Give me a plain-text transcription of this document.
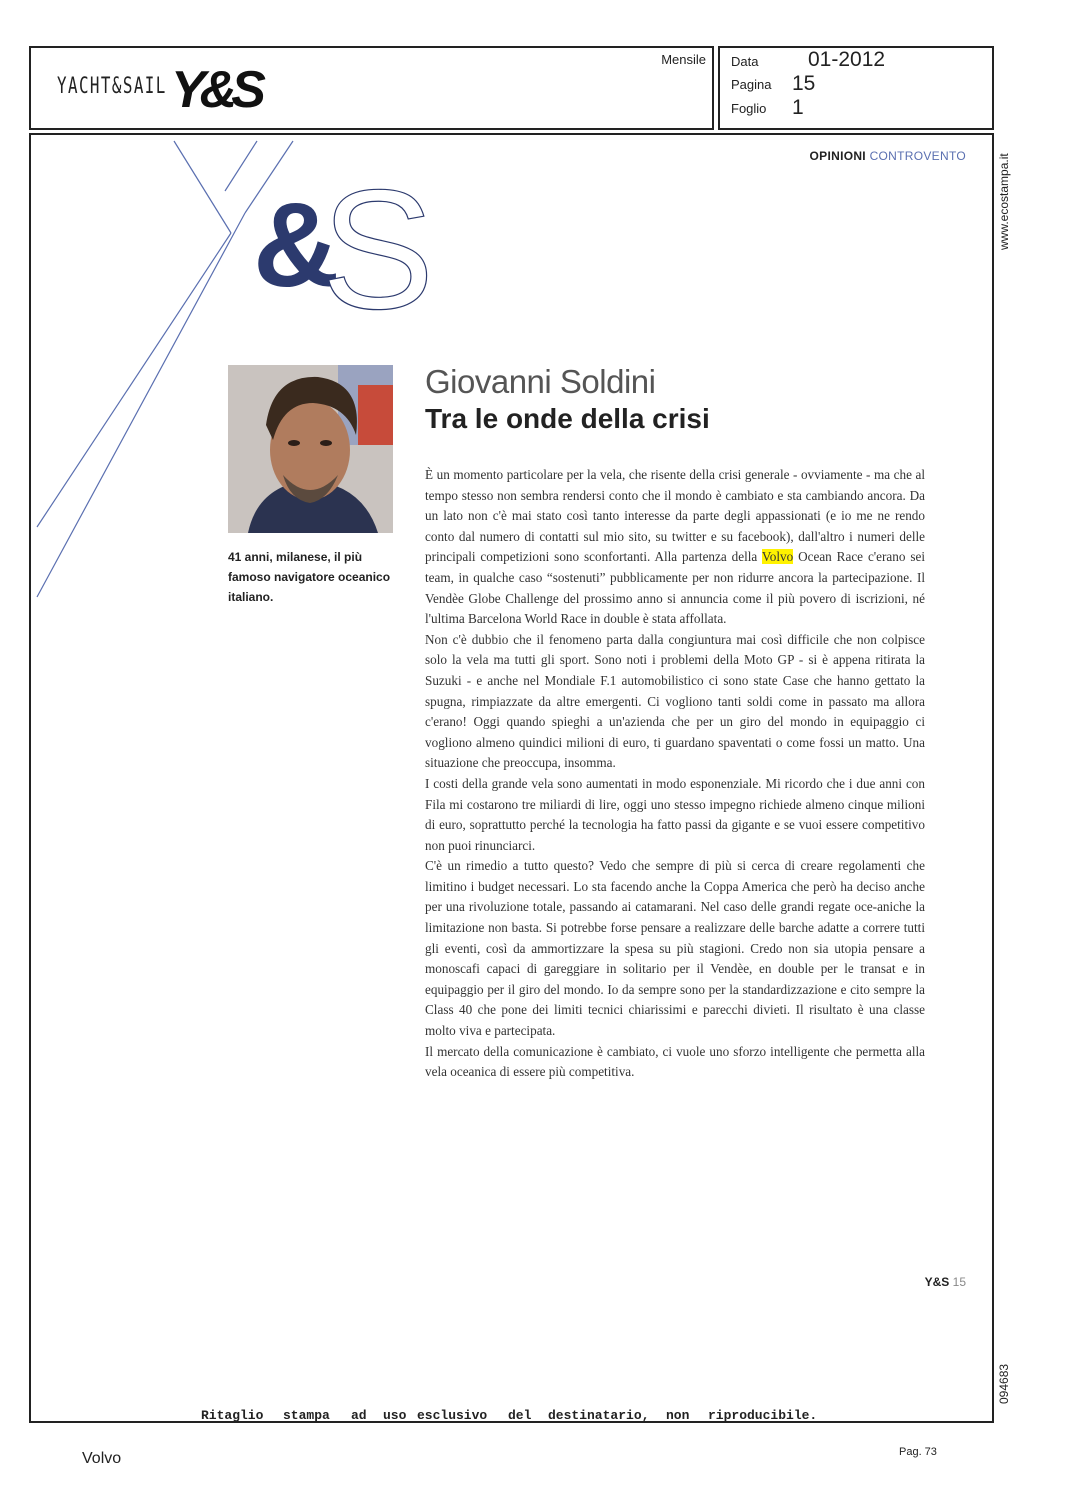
YACHT&SAIL Y&S
Mensile Data 01-2012
Pagina 15
Foglio 1
www.ecostampa.it
094683
&
S	OPINIONI CONTROVENTO
41 anni, milanese, il più famoso navigatore oceanico italiano.
Giovanni Soldini
Tra le onde della crisi

È un momento particolare per la vela, che risente della crisi generale - ovviamente - ma che al tempo stesso non sembra rendersi conto che il mondo è cambiato e sta cambiando ancora. Da un lato non c'è mai stato così tanto interesse da parte degli appassionati (e io me ne rendo conto dal numero di contatti sul mio sito, su twitter e su facebook), dall'altro i numeri delle principali competizioni sono sconfortanti. Alla partenza della Volvo Ocean Race c'erano sei team, in qualche caso “sostenuti” pubblicamente per non ridurre ancora la partecipazione. Il Vendèe Globe Challenge del prossimo anno si annuncia come il più povero di iscrizioni, né l'ultima Barcelona World Race in double è stata affollata.

Non c'è dubbio che il fenomeno parta dalla congiuntura mai così difficile che non colpisce solo la vela ma tutti gli sport. Sono noti i problemi della Moto GP - si è appena ritirata la Suzuki - e anche nel Mondiale F.1 automobilistico ci sono state Case che hanno gettato la spugna, rimpiazzate da altre emergenti. Ci vogliono tanti soldi come in passato ma allora c'erano! Oggi quando spieghi a un'azienda che per un giro del mondo in equipaggio ci vogliono almeno quindici milioni di euro, ti guardano spaventati o come fossi un matto. Una situazione che preoccupa, insomma.

I costi della grande vela sono aumentati in modo esponenziale. Mi ricordo che i due anni con Fila mi costarono tre miliardi di lire, oggi uno stesso impegno richiede almeno cinque milioni di euro, soprattutto perché la tecnologia ha fatto passi da gigante e se vuoi essere competitivo non puoi rinunciarci.

C'è un rimedio a tutto questo? Vedo che sempre di più si cerca di creare regolamenti che limitino i budget necessari. Lo sta facendo anche la Coppa America che però ha deciso anche per una rivoluzione totale, passando ai catamarani. Nel caso delle grandi regate oce-aniche la limitazione non basta. Si potrebbe forse pensare a realizzare delle barche adatte a correre tutti gli eventi, così da ammortizzare la spesa su più stagioni. Credo non sia utopia pensare a monoscafi capaci di gareggiare in solitario per il Vendèe, en double per le transat e in equipaggio per il giro del mondo. Io da sempre sono per la standardizzazione e cito sempre la Class 40 che pone dei limiti tecnici chiarissimi e parecchi divieti. Il risultato è una classe molto viva e partecipata.

Il mercato della comunicazione è cambiato, ci vuole uno sforzo intelligente che permetta alla vela oceanica di essere più competitiva.

Y&S 15
Ritaglio stampa ad uso esclusivo del destinatario, non riproducibile.
Volvo	Pag. 73
